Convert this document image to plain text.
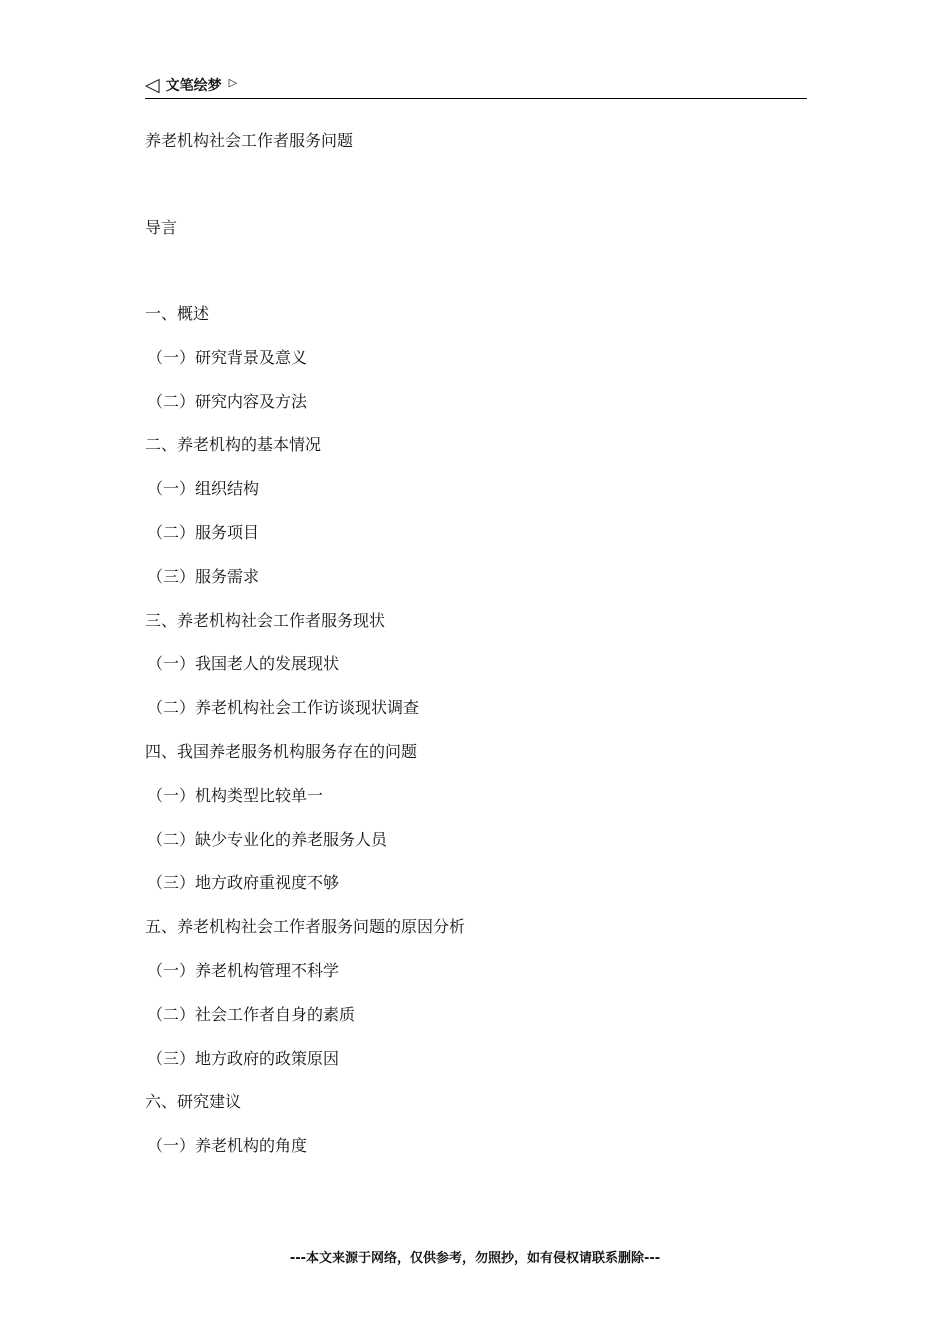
◁ 文笔绘梦 ▷
养老机构社会工作者服务问题
导言
一、概述
（一）研究背景及意义
（二）研究内容及方法
二、养老机构的基本情况
（一）组织结构
（二）服务项目
（三）服务需求
三、养老机构社会工作者服务现状
（一）我国老人的发展现状
（二）养老机构社会工作访谈现状调查
四、我国养老服务机构服务存在的问题
（一）机构类型比较单一
（二）缺少专业化的养老服务人员
（三）地方政府重视度不够
五、养老机构社会工作者服务问题的原因分析
（一）养老机构管理不科学
（二）社会工作者自身的素质
（三）地方政府的政策原因
六、研究建议
（一）养老机构的角度
---本文来源于网络，仅供参考，勿照抄，如有侵权请联系删除---
